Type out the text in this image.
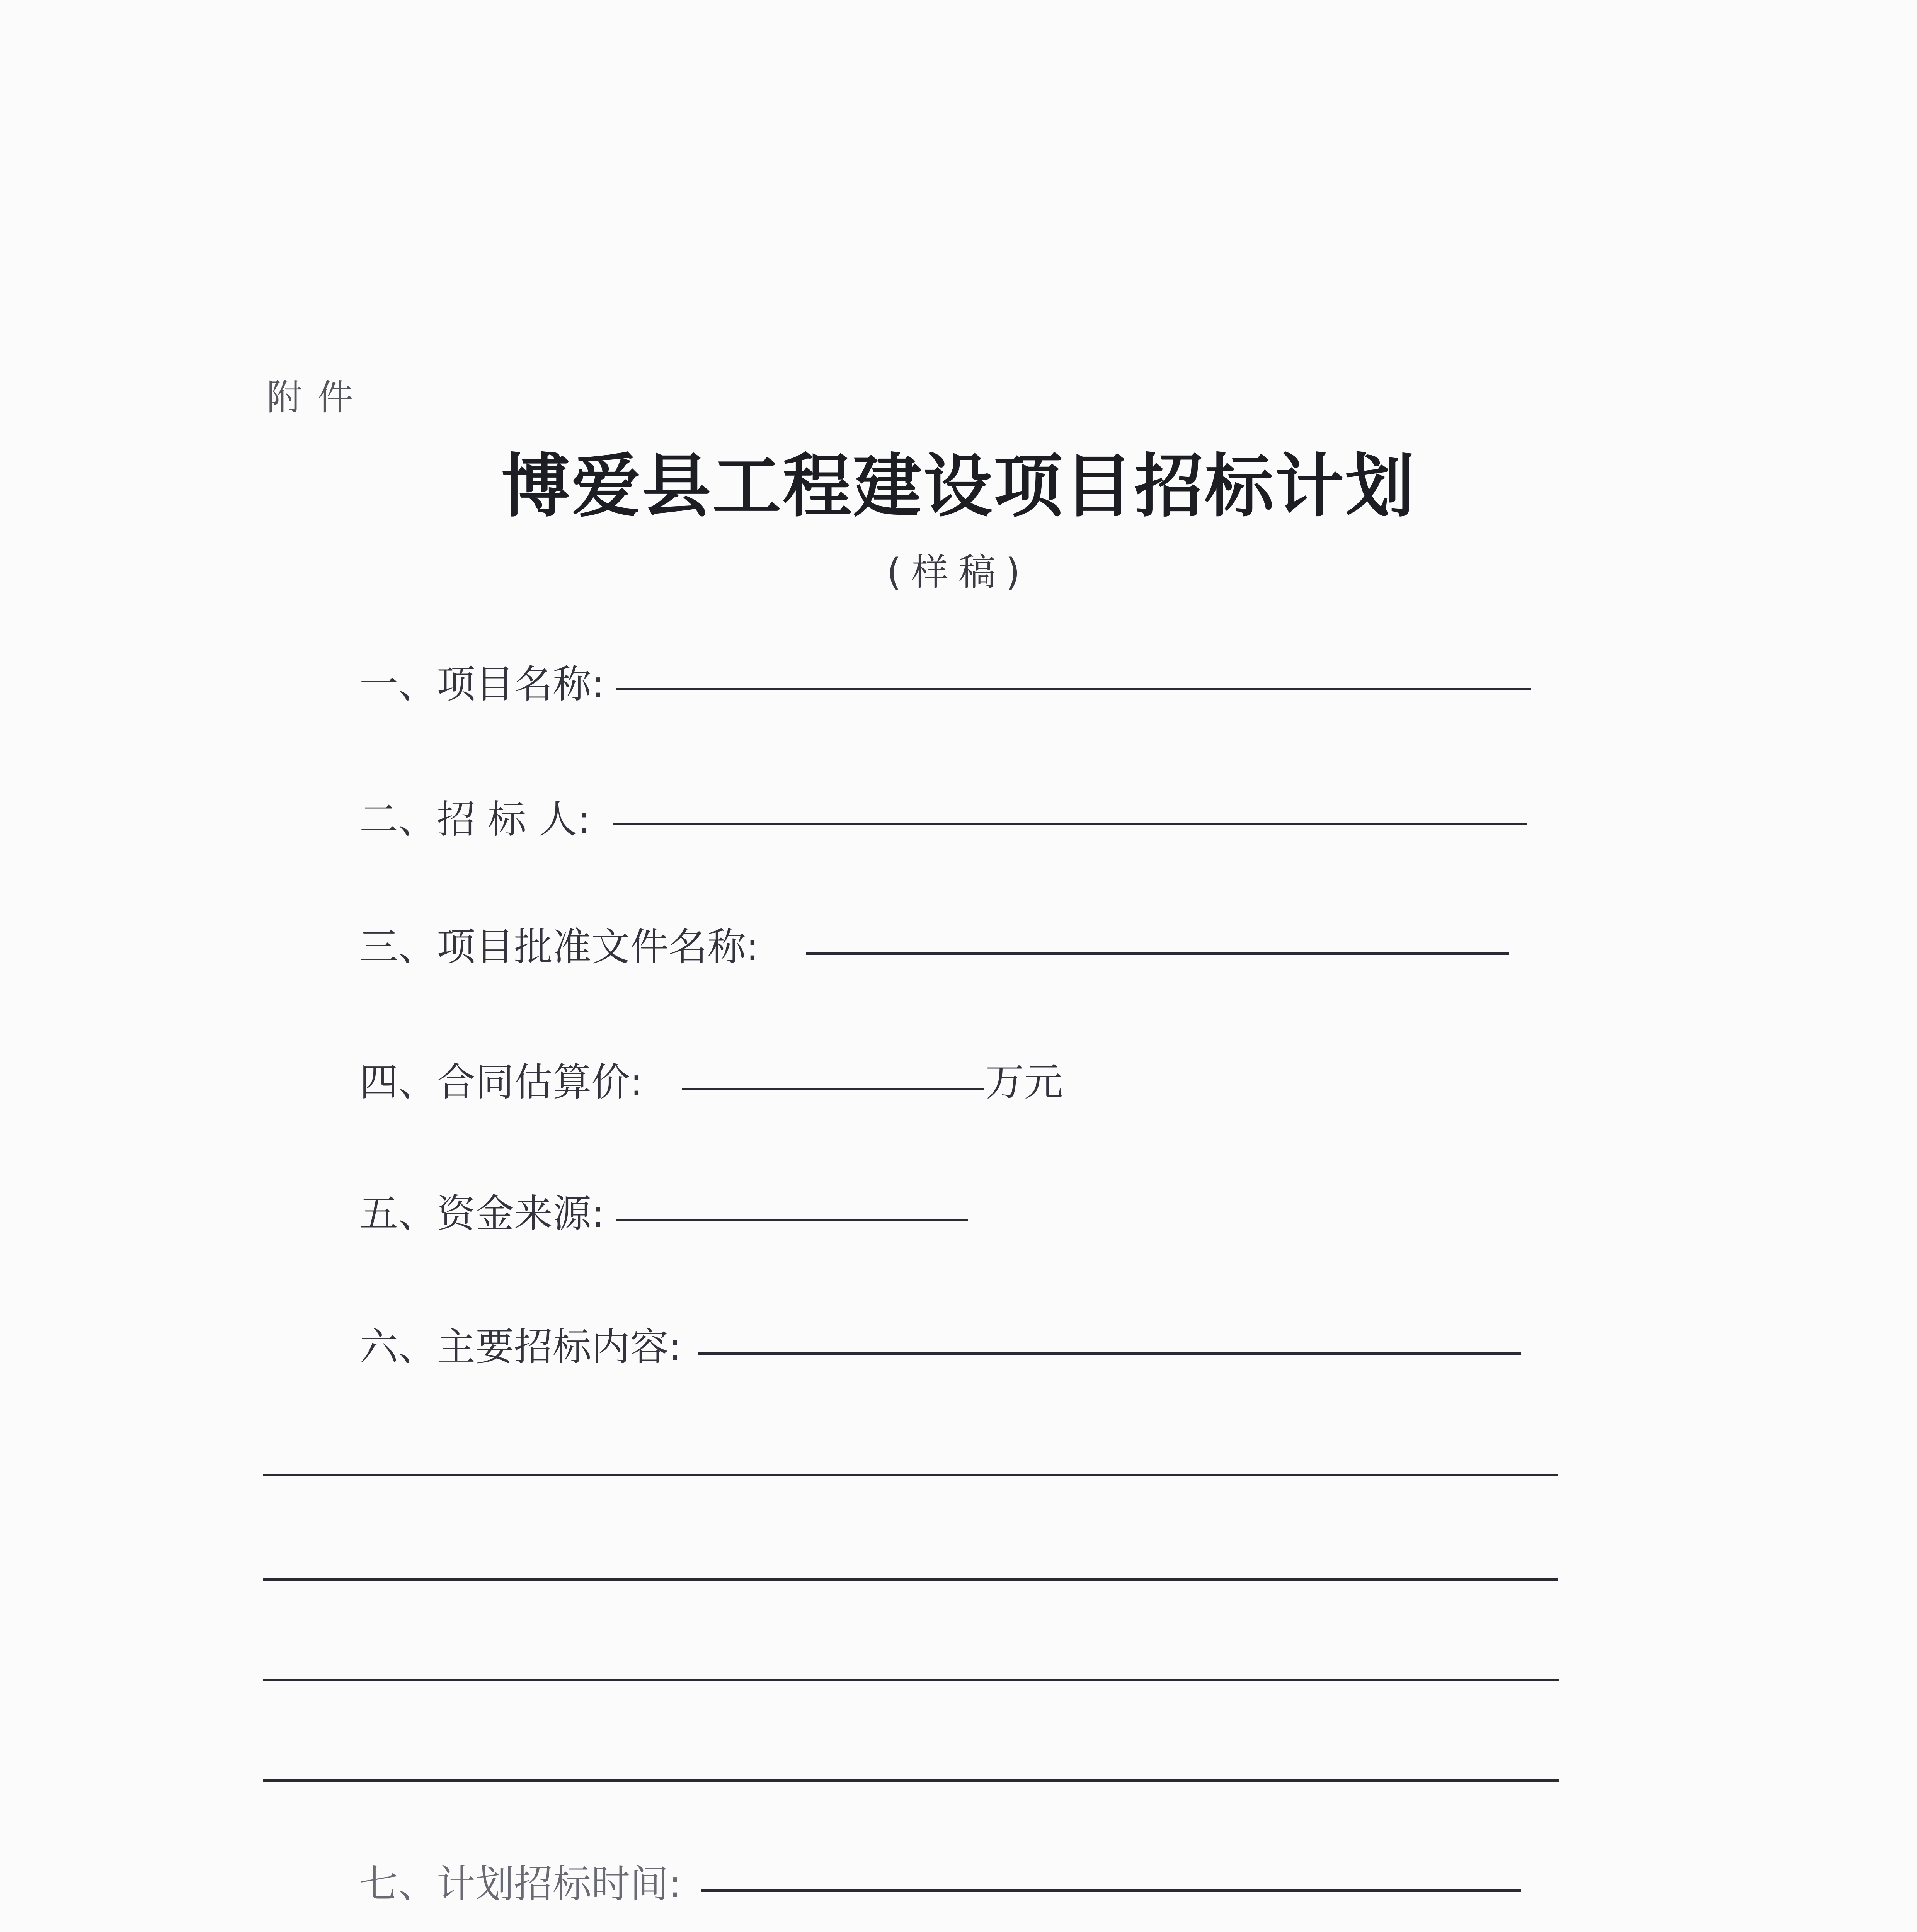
附件
博爱县工程建设项目招标计划
(样稿)
一、项目名称:
二、招 标 人:
三、项目批准文件名称:
四、合同估算价:	万元
五、资金来源:
六、主要招标内容:
七、计划招标时间:
